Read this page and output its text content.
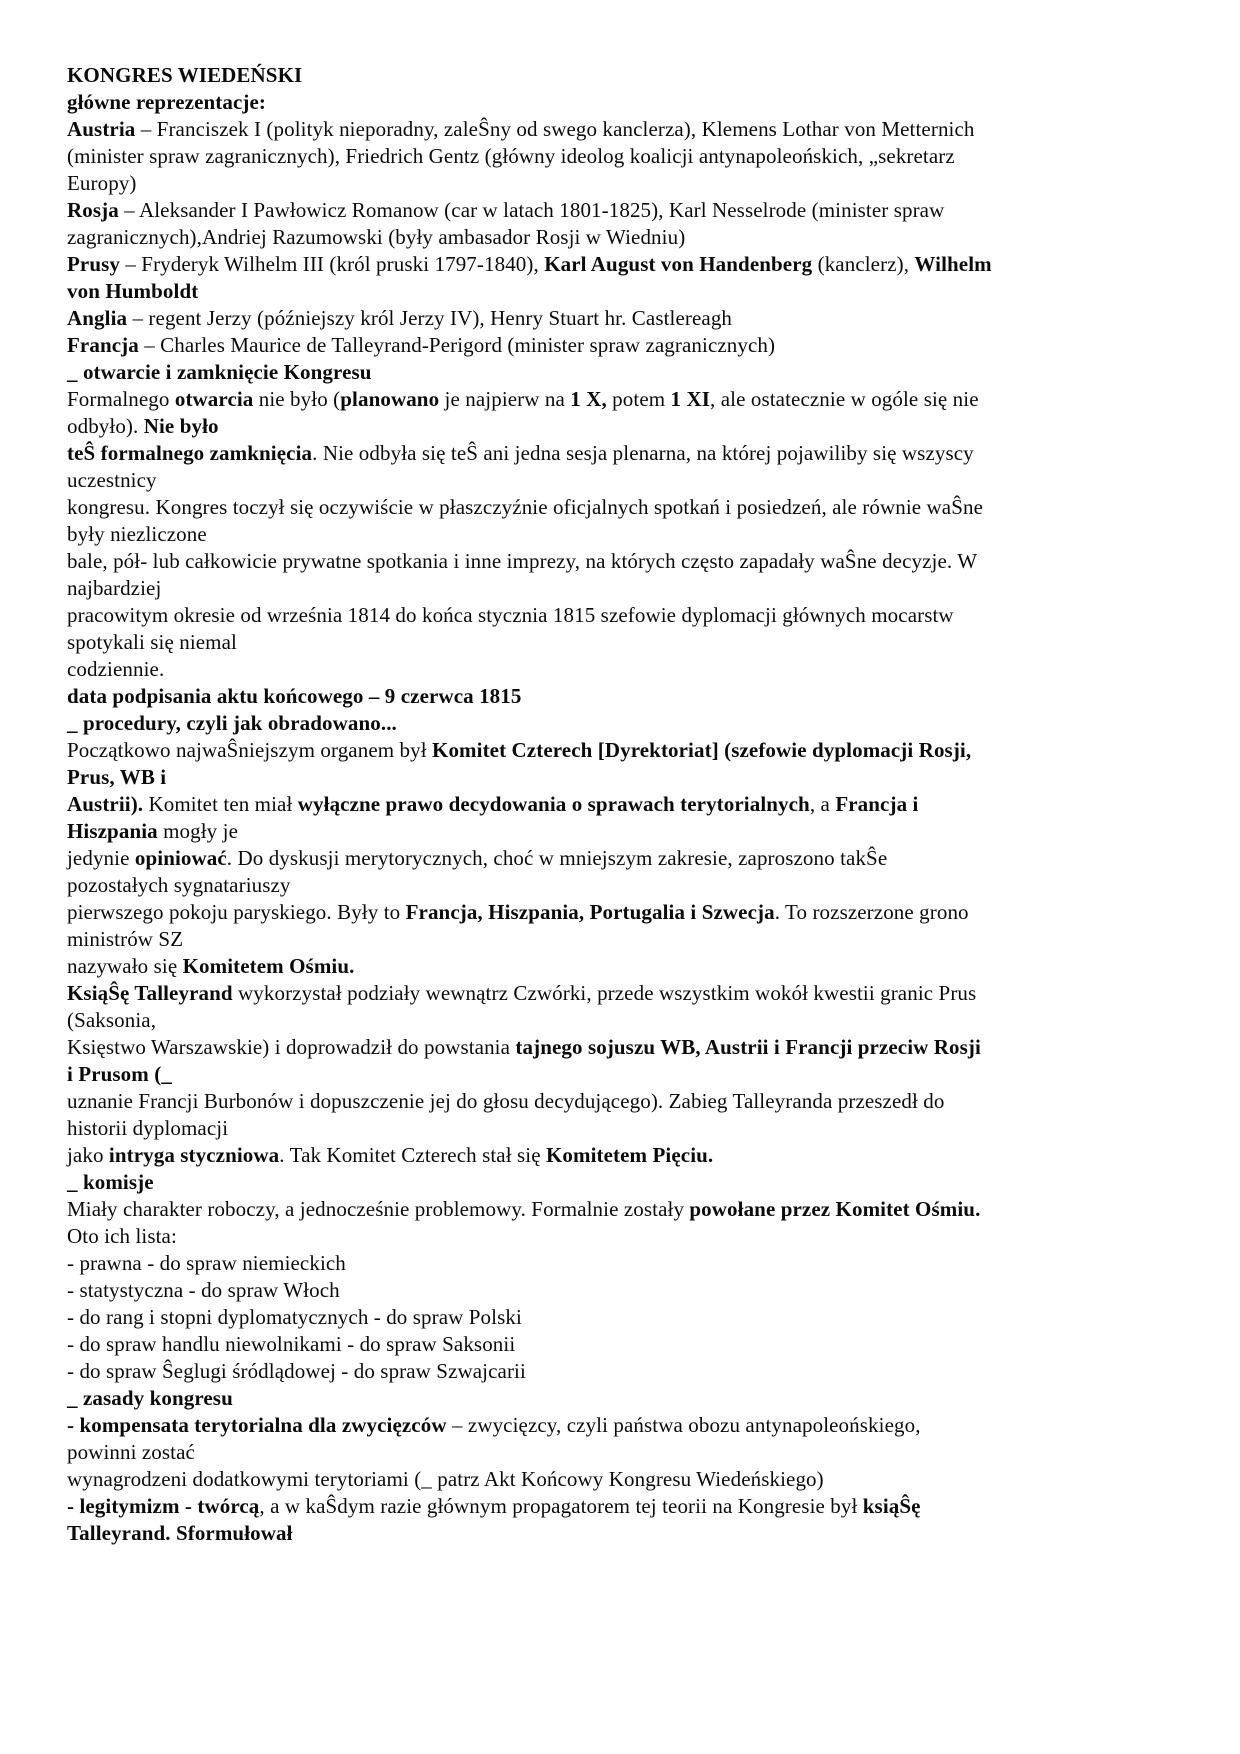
KONGRES WIEDEŃSKI
główne reprezentacje:
Austria – Franciszek I (polityk nieporadny, zaleŜny od swego kanclerza), Klemens Lothar von Metternich
(minister spraw zagranicznych), Friedrich Gentz (główny ideolog koalicji antynapoleońskich, „sekretarz
Europy)
Rosja – Aleksander I Pawłowicz Romanow (car w latach 1801-1825), Karl Nesselrode (minister spraw
zagranicznych),Andriej Razumowski (były ambasador Rosji w Wiedniu)
Prusy – Fryderyk Wilhelm III (król pruski 1797-1840), Karl August von Handenberg (kanclerz), Wilhelm
von Humboldt
Anglia – regent Jerzy (późniejszy król Jerzy IV), Henry Stuart hr. Castlereagh
Francja – Charles Maurice de Talleyrand-Perigord (minister spraw zagranicznych)
_ otwarcie i zamknięcie Kongresu
Formalnego otwarcia nie było (planowano je najpierw na 1 X, potem 1 XI, ale ostatecznie w ogóle się nie
odbyło). Nie było
teŜ formalnego zamknięcia. Nie odbyła się teŜ ani jedna sesja plenarna, na której pojawiliby się wszyscy
uczestnicy
kongresu. Kongres toczył się oczywiście w płaszczyźnie oficjalnych spotkań i posiedzeń, ale równie waŜne
były niezliczone
bale, pół- lub całkowicie prywatne spotkania i inne imprezy, na których często zapadały waŜne decyzje. W
najbardziej
pracowitym okresie od września 1814 do końca stycznia 1815 szefowie dyplomacji głównych mocarstw
spotykali się niemal
codziennie.
data podpisania aktu końcowego – 9 czerwca 1815
_ procedury, czyli jak obradowano...
Początkowo najwaŜniejszym organem był Komitet Czterech [Dyrektoriat] (szefowie dyplomacji Rosji,
Prus, WB i
Austrii). Komitet ten miał wyłączne prawo decydowania o sprawach terytorialnych, a Francja i
Hiszpania mogły je
jedynie opiniować. Do dyskusji merytorycznych, choć w mniejszym zakresie, zaproszono takŜe
pozostałych sygnatariuszy
pierwszego pokoju paryskiego. Były to Francja, Hiszpania, Portugalia i Szwecja. To rozszerzone grono
ministrów SZ
nazywało się Komitetem Ośmiu.
KsiąŜę Talleyrand wykorzystał podziały wewnątrz Czwórki, przede wszystkim wokół kwestii granic Prus
(Saksonia,
Księstwo Warszawskie) i doprowadził do powstania tajnego sojuszu WB, Austrii i Francji przeciw Rosji
i Prusom (_
uznanie Francji Burbonów i dopuszczenie jej do głosu decydującego). Zabieg Talleyranda przeszedł do
historii dyplomacji
jako intryga styczniowa. Tak Komitet Czterech stał się Komitetem Pięciu.
_ komisje
Miały charakter roboczy, a jednocześnie problemowy. Formalnie zostały powołane przez Komitet Ośmiu.
Oto ich lista:
- prawna - do spraw niemieckich
- statystyczna - do spraw Włoch
- do rang i stopni dyplomatycznych - do spraw Polski
- do spraw handlu niewolnikami - do spraw Saksonii
- do spraw Ŝeglugi śródlądowej - do spraw Szwajcarii
_ zasady kongresu
- kompensata terytorialna dla zwycięzców – zwycięzcy, czyli państwa obozu antynapoleońskiego,
powinni zostać
wynagrodzeni dodatkowymi terytoriami (_ patrz Akt Końcowy Kongresu Wiedeńskiego)
- legitymizm - twórcą, a w kaŜdym razie głównym propagatorem tej teorii na Kongresie był ksiąŜę
Talleyrand. Sformułował
